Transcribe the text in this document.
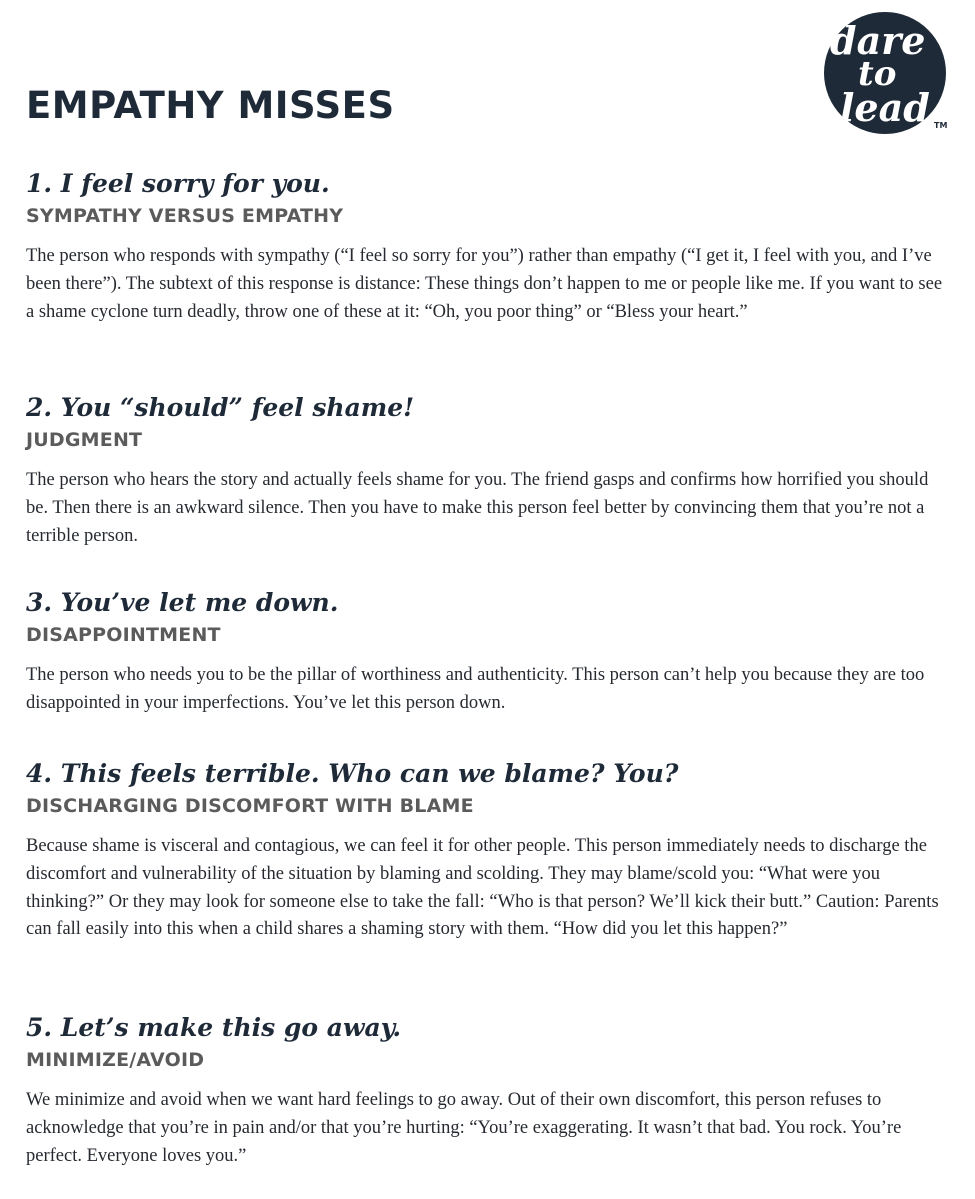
EMPATHY MISSES
dare
to
lead TM
1. I feel sorry for you.
SYMPATHY VERSUS EMPATHY

The person who responds with sympathy (“I feel so sorry for you”) rather than empathy (“I get it, I feel with you, and I’ve been there”). The subtext of this response is distance: These things don’t happen to me or people like me. If you want to see a shame cyclone turn deadly, throw one of these at it: “Oh, you poor thing” or “Bless your heart.”

2. You “should” feel shame!
JUDGMENT

The person who hears the story and actually feels shame for you. The friend gasps and confirms how horrified you should be. Then there is an awkward silence. Then you have to make this person feel better by convincing them that you’re not a terrible person.

3. You’ve let me down.
DISAPPOINTMENT

The person who needs you to be the pillar of worthiness and authenticity. This person can’t help you because they are too disappointed in your imperfections. You’ve let this person down.

4. This feels terrible. Who can we blame? You?
DISCHARGING DISCOMFORT WITH BLAME

Because shame is visceral and contagious, we can feel it for other people. This person immediately needs to discharge the discomfort and vulnerability of the situation by blaming and scolding. They may blame/scold you: “What were you thinking?” Or they may look for someone else to take the fall: “Who is that person? We’ll kick their butt.” Caution: Parents can fall easily into this when a child shares a shaming story with them. “How did you let this happen?”

5. Let’s make this go away.
MINIMIZE/AVOID

We minimize and avoid when we want hard feelings to go away. Out of their own discomfort, this person refuses to acknowledge that you’re in pain and/or that you’re hurting: “You’re exaggerating. It wasn’t that bad. You rock. You’re perfect. Everyone loves you.”
